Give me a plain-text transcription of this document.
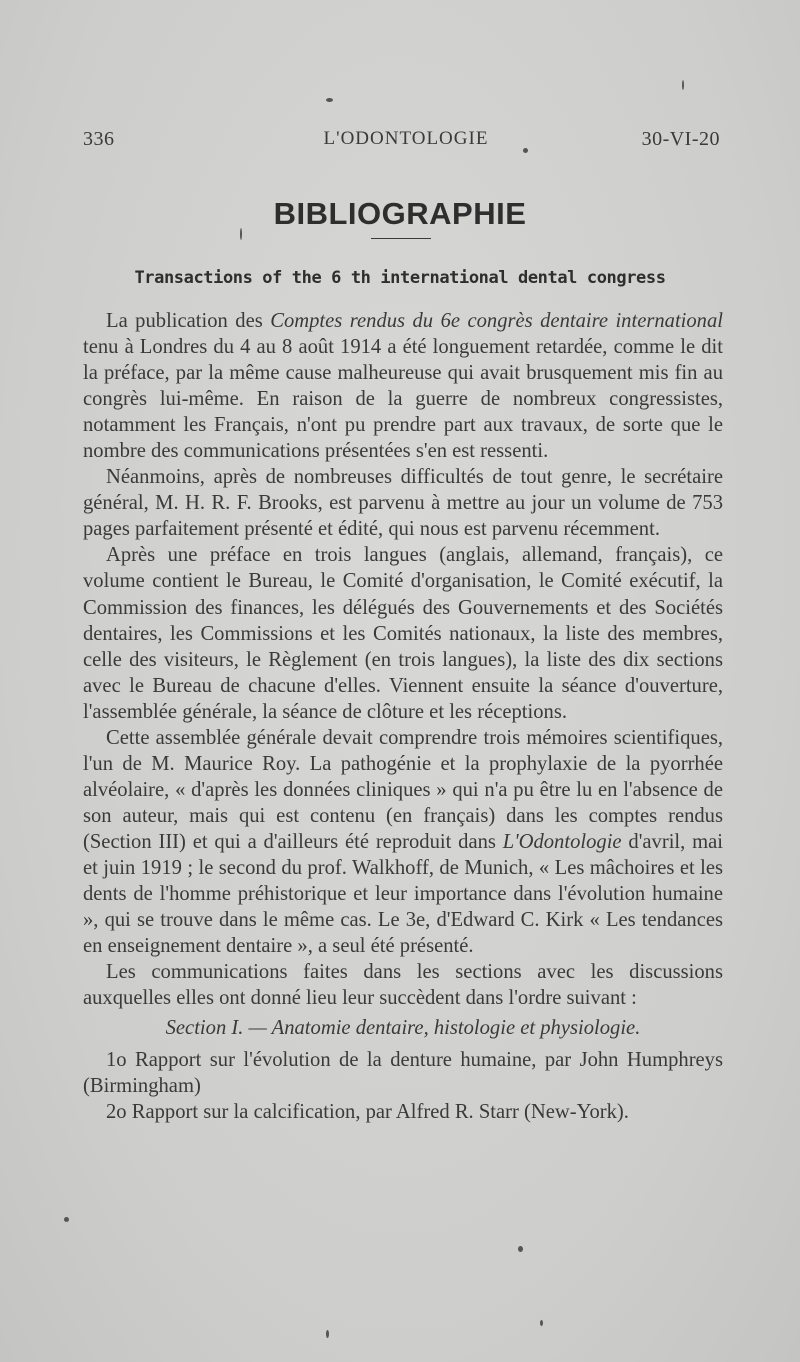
336	L'ODONTOLOGIE	30-VI-20
BIBLIOGRAPHIE
Transactions of the 6 th international dental congress

La publication des Comptes rendus du 6e congrès dentaire international tenu à Londres du 4 au 8 août 1914 a été longuement retardée, comme le dit la préface, par la même cause malheureuse qui avait brusquement mis fin au congrès lui-même. En raison de la guerre de nombreux congressistes, notamment les Français, n'ont pu prendre part aux travaux, de sorte que le nombre des communications présentées s'en est ressenti.

Néanmoins, après de nombreuses difficultés de tout genre, le secrétaire général, M. H. R. F. Brooks, est parvenu à mettre au jour un volume de 753 pages parfaitement présenté et édité, qui nous est parvenu récemment.

Après une préface en trois langues (anglais, allemand, français), ce volume contient le Bureau, le Comité d'organisation, le Comité exécutif, la Commission des finances, les délégués des Gouvernements et des Sociétés dentaires, les Commissions et les Comités nationaux, la liste des membres, celle des visiteurs, le Règlement (en trois langues), la liste des dix sections avec le Bureau de chacune d'elles. Viennent ensuite la séance d'ouverture, l'assemblée générale, la séance de clôture et les réceptions.

Cette assemblée générale devait comprendre trois mémoires scientifiques, l'un de M. Maurice Roy. La pathogénie et la prophylaxie de la pyorrhée alvéolaire, « d'après les données cliniques » qui n'a pu être lu en l'absence de son auteur, mais qui est contenu (en français) dans les comptes rendus (Section III) et qui a d'ailleurs été reproduit dans L'Odontologie d'avril, mai et juin 1919 ; le second du prof. Walkhoff, de Munich, « Les mâchoires et les dents de l'homme préhistorique et leur importance dans l'évolution humaine », qui se trouve dans le même cas. Le 3e, d'Edward C. Kirk « Les tendances en enseignement dentaire », a seul été présenté.

Les communications faites dans les sections avec les discussions auxquelles elles ont donné lieu leur succèdent dans l'ordre suivant :

Section I. — Anatomie dentaire, histologie et physiologie.

1o Rapport sur l'évolution de la denture humaine, par John Humphreys (Birmingham)

2o Rapport sur la calcification, par Alfred R. Starr (New-York).
